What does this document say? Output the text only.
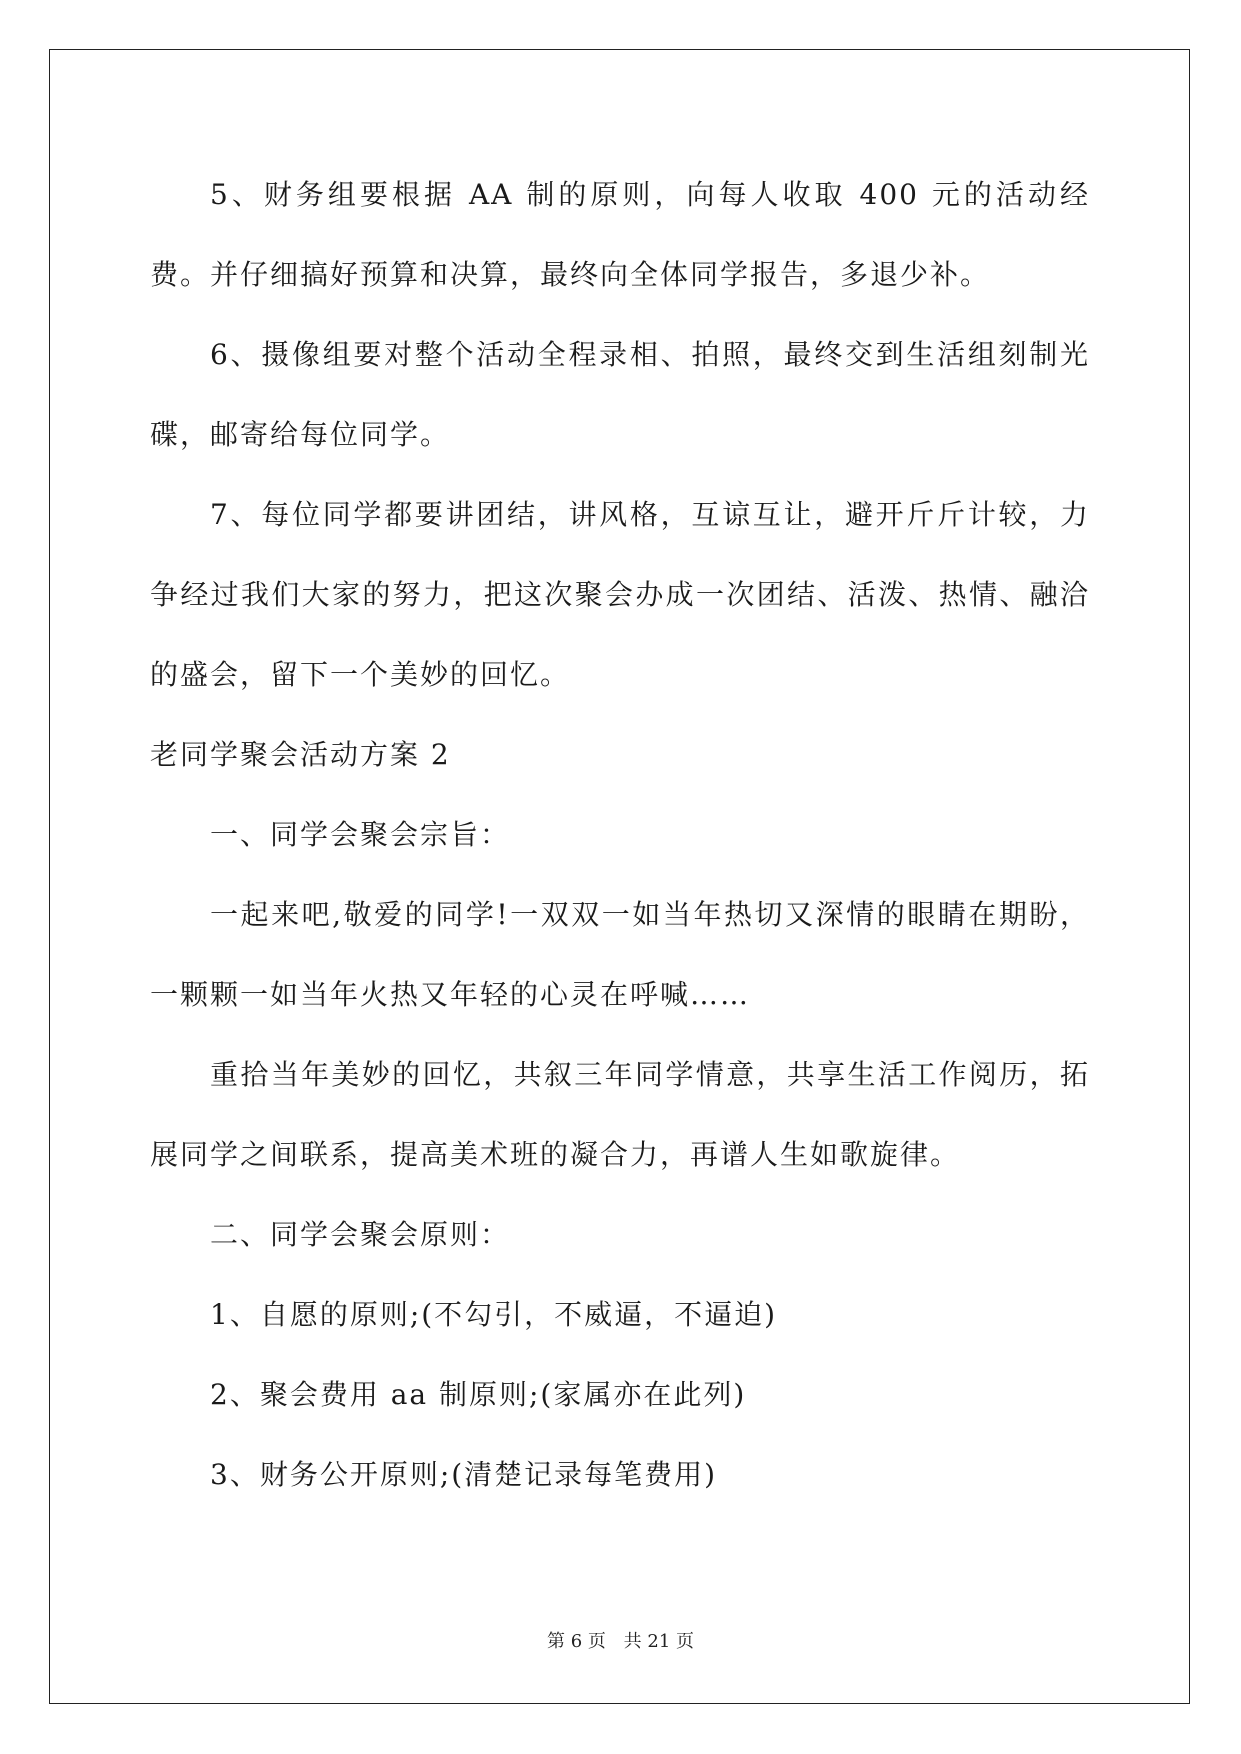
5、财务组要根据 AA 制的原则，向每人收取 400 元的活动经费。并仔细搞好预算和决算，最终向全体同学报告，多退少补。

6、摄像组要对整个活动全程录相、拍照，最终交到生活组刻制光碟，邮寄给每位同学。

7、每位同学都要讲团结，讲风格，互谅互让，避开斤斤计较，力争经过我们大家的努力，把这次聚会办成一次团结、活泼、热情、融洽的盛会，留下一个美妙的回忆。

老同学聚会活动方案 2

一、同学会聚会宗旨：

一起来吧,敬爱的同学!一双双一如当年热切又深情的眼睛在期盼，一颗颗一如当年火热又年轻的心灵在呼喊……

重拾当年美妙的回忆，共叙三年同学情意，共享生活工作阅历，拓展同学之间联系，提高美术班的凝合力，再谱人生如歌旋律。

二、同学会聚会原则：

1、自愿的原则;(不勾引，不威逼，不逼迫)

2、聚会费用 aa 制原则;(家属亦在此列)

3、财务公开原则;(清楚记录每笔费用)

第 6 页 共 21 页
